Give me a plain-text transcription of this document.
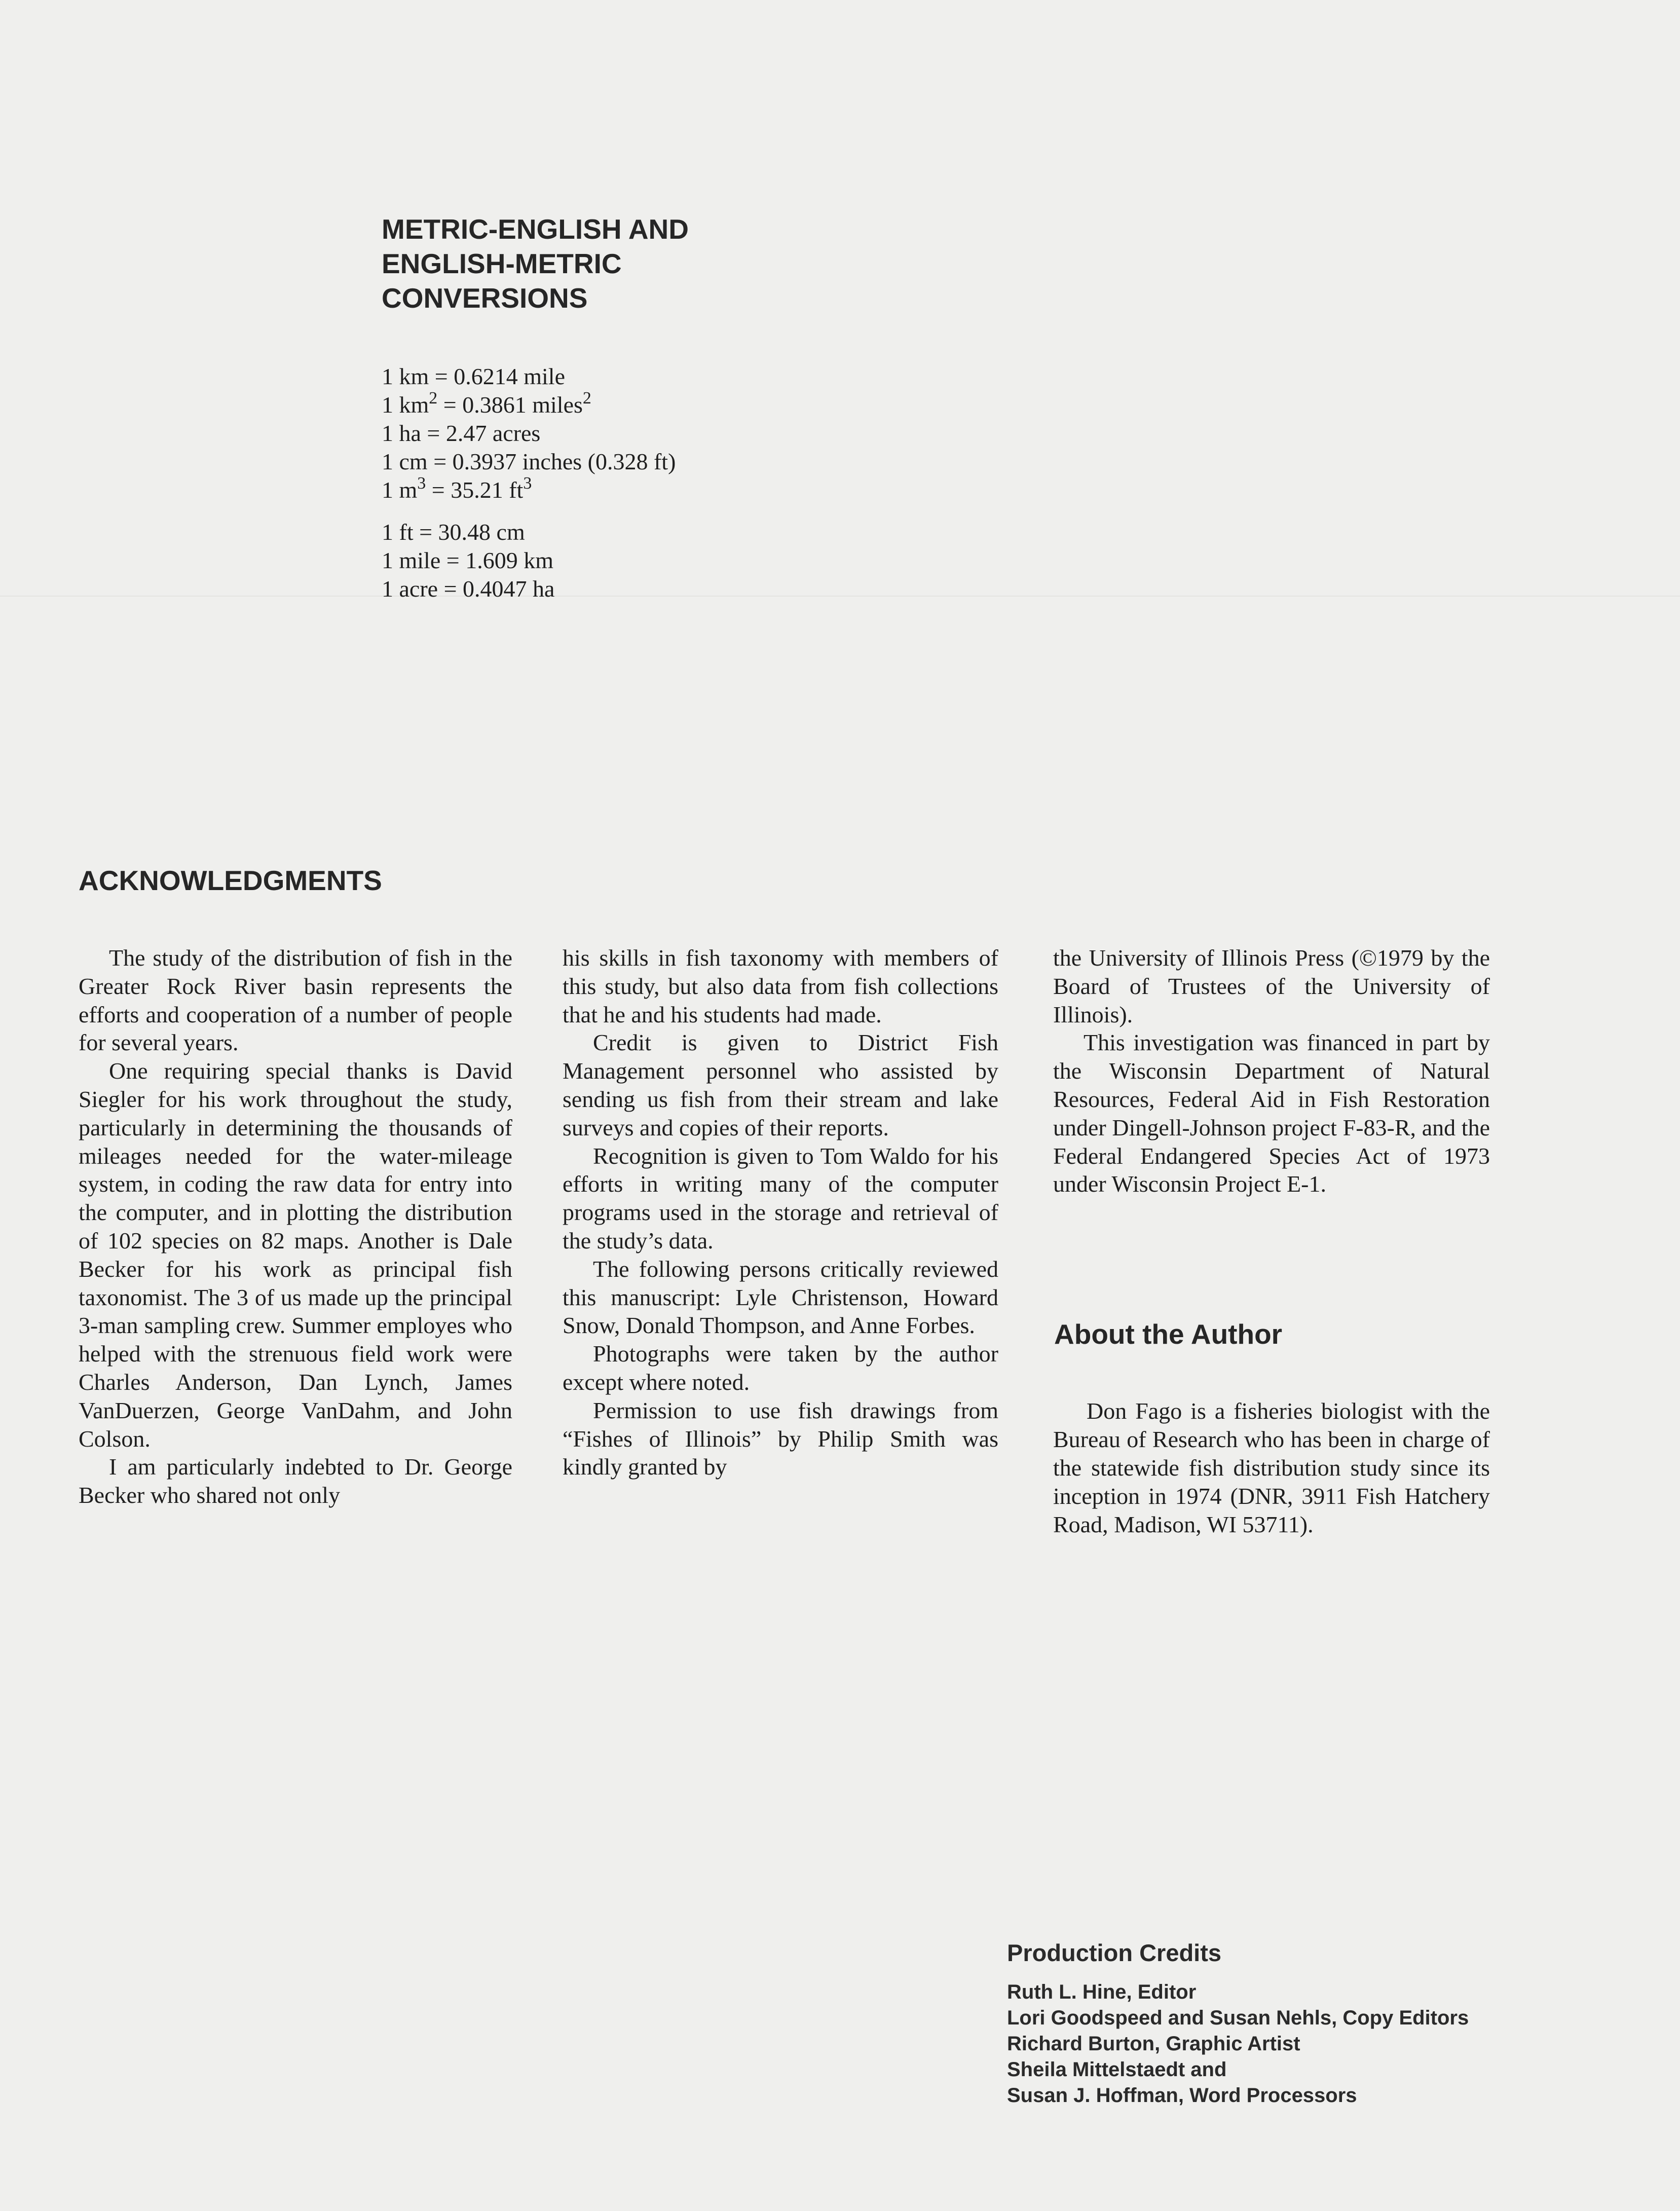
METRIC-ENGLISH AND
ENGLISH-METRIC
CONVERSIONS
1 km = 0.6214 mile
1 $km^2 = 0.3861$ miles$^2$
1 ha = 2.47 acres
1 cm = 0.3937 inches (0.328 ft)
1 $m^3 = 35.21$ $ft^3$
1 ft = 30.48 cm
1 mile = 1.609 km
1 acre = 0.4047 ha
ACKNOWLEDGMENTS

The study of the distribution of fish in the Greater Rock River basin represents the efforts and cooperation of a number of people for several years.

One requiring special thanks is David Siegler for his work throughout the study, particularly in determining the thousands of mileages needed for the water-mileage system, in coding the raw data for entry into the computer, and in plotting the distribution of 102 species on 82 maps. Another is Dale Becker for his work as principal fish taxonomist. The 3 of us made up the principal 3-man sampling crew. Summer employes who helped with the strenuous field work were Charles Anderson, Dan Lynch, James VanDuerzen, George VanDahm, and John Colson.

I am particularly indebted to Dr. George Becker who shared not only

his skills in fish taxonomy with members of this study, but also data from fish collections that he and his students had made.

Credit is given to District Fish Management personnel who assisted by sending us fish from their stream and lake surveys and copies of their reports.

Recognition is given to Tom Waldo for his efforts in writing many of the computer programs used in the storage and retrieval of the study’s data.

The following persons critically reviewed this manuscript: Lyle Christenson, Howard Snow, Donald Thompson, and Anne Forbes.

Photographs were taken by the author except where noted.

Permission to use fish drawings from “Fishes of Illinois” by Philip Smith was kindly granted by

the University of Illinois Press (©1979 by the Board of Trustees of the University of Illinois).

This investigation was financed in part by the Wisconsin Department of Natural Resources, Federal Aid in Fish Restoration under Dingell-Johnson project F-83-R, and the Federal Endangered Species Act of 1973 under Wisconsin Project E-1.

About the Author

Don Fago is a fisheries biologist with the Bureau of Research who has been in charge of the statewide fish distribution study since its inception in 1974 (DNR, 3911 Fish Hatchery Road, Madison, WI 53711).

Production Credits
Ruth L. Hine, Editor
Lori Goodspeed and Susan Nehls, Copy Editors
Richard Burton, Graphic Artist
Sheila Mittelstaedt and
Susan J. Hoffman, Word Processors
